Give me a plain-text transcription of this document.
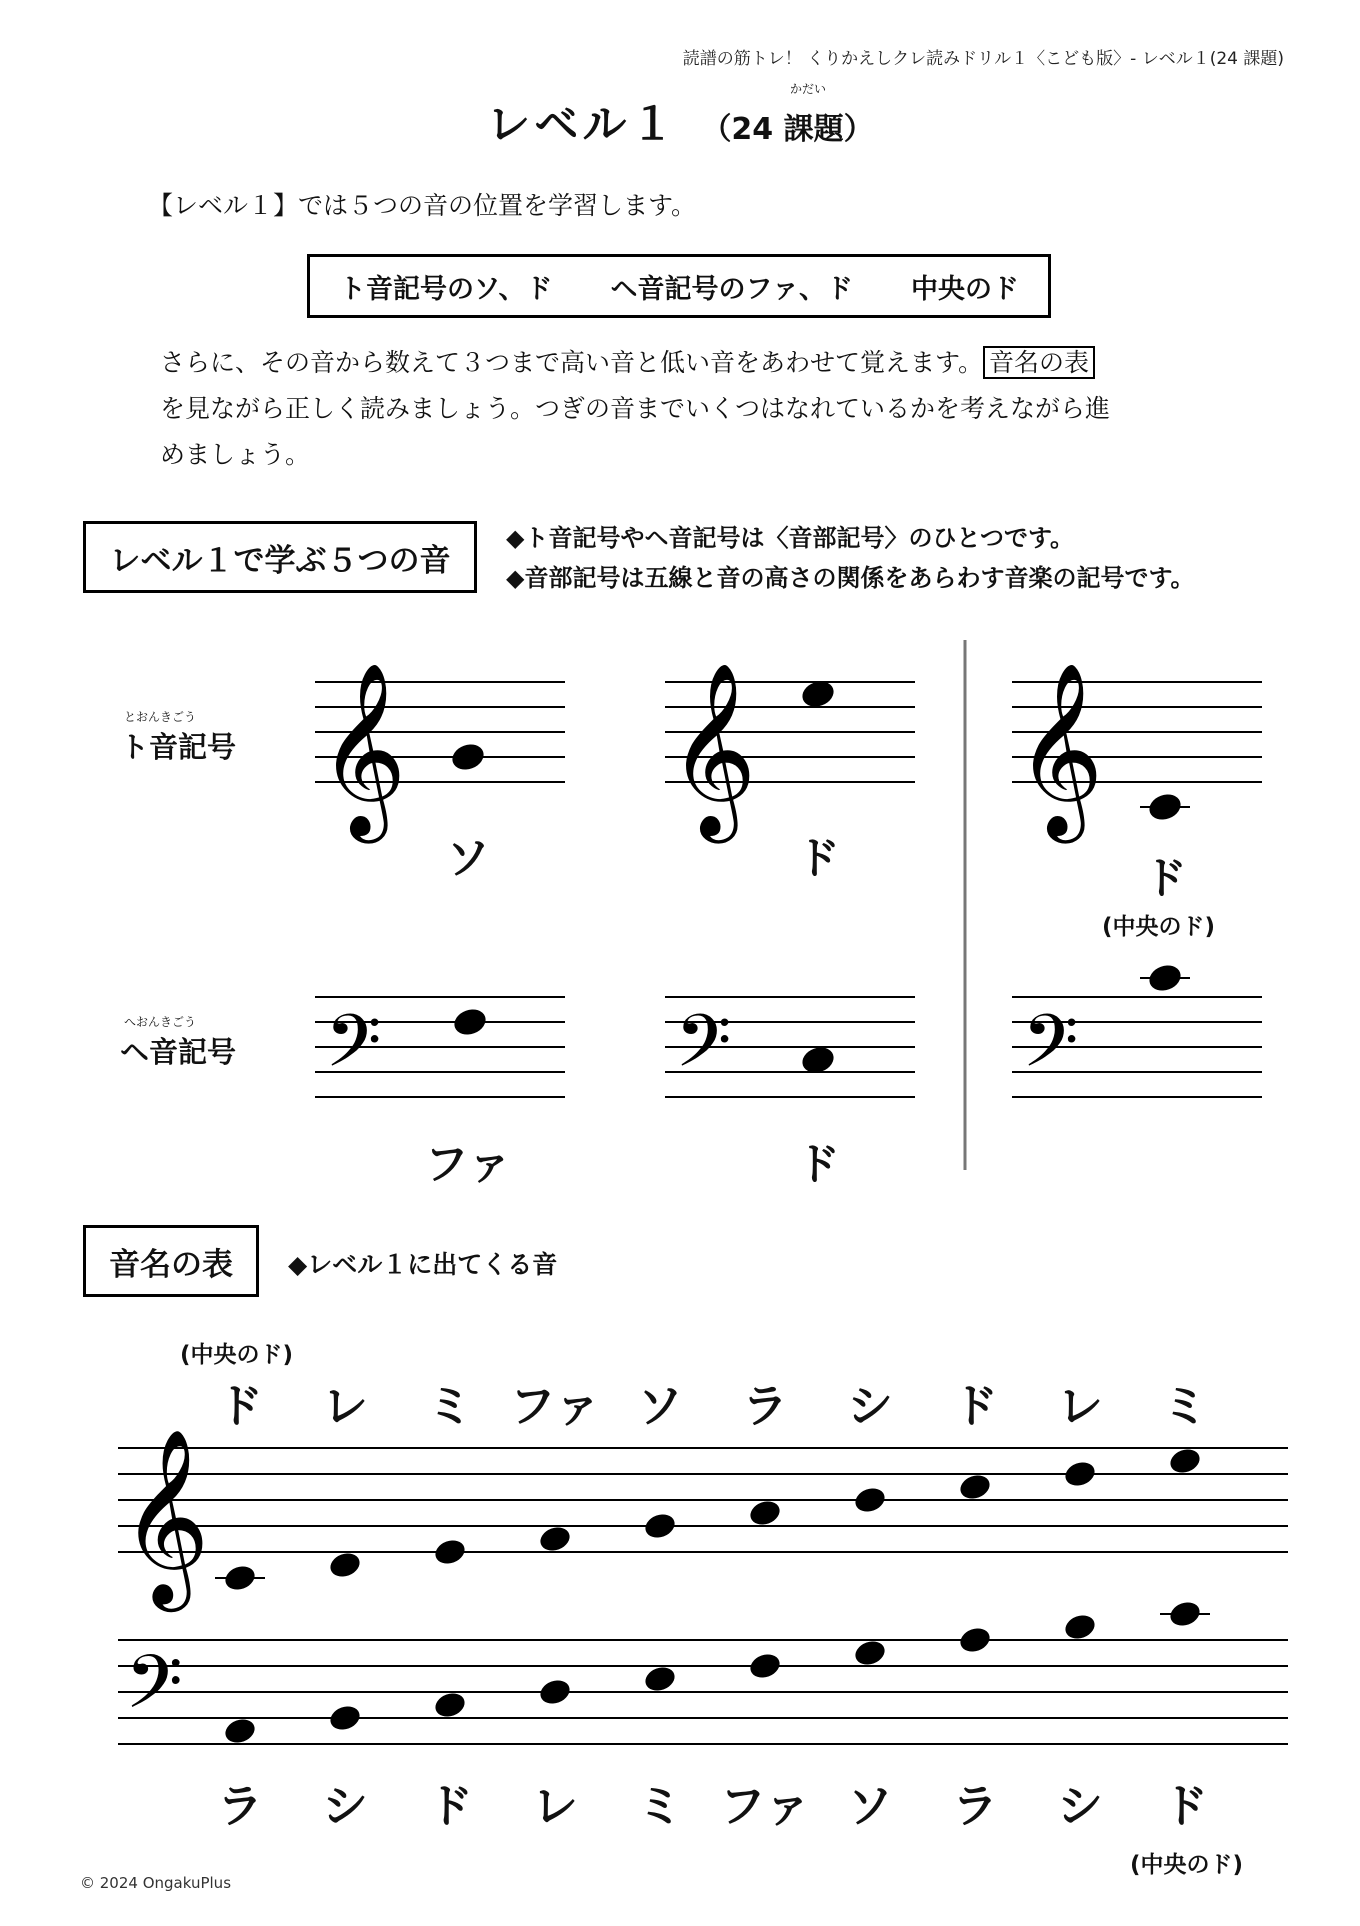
読譜の筋トレ！ くりかえしクレ読みドリル１〈こども版〉- レベル１(24 課題)
レベル１ （24 課題）
【レベル１】では５つの音の位置を学習します。
ト音記号のソ、ド ヘ音記号のファ、ド 中央のド
さらに、その音から数えて３つまで高い音と低い音をあわせて覚えます。 音名の表
を見ながら正しく読みましょう。つぎの音までいくつはなれているかを考えながら進
めましょう。
レベル１で学ぶ５つの音
◆ト音記号やヘ音記号は〈音部記号〉のひとつです。
◆音部記号は五線と音の高さの関係をあらわす音楽の記号です。
とおんきごう
ト音記号
へおんきごう
ヘ音記号
𝄞 𝄞 𝄞
𝄢	𝄢	𝄢
𝄞
𝄢
ソ	ド	ド
(中央のド)
ファ	ド
音名の表	◆レベル１に出てくる音
(中央のド)
ド	レ	ミ ファ ソ	ラ	シ	ド	レ	ミ
ラ	シ	ド	レ	ミ ファ ソ	ラ	シ	ド
(中央のド)
© 2024 OngakuPlus
かだい
